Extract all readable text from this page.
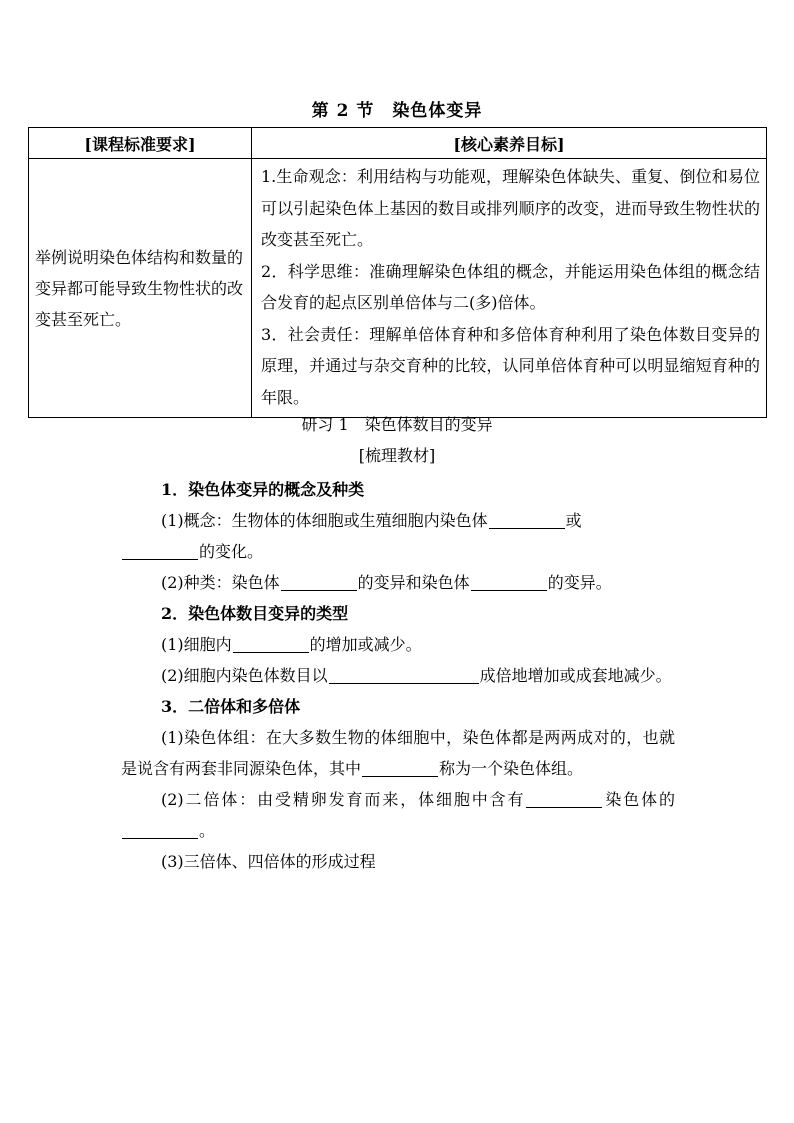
第 2 节　染色体变异
[课程标准要求]	[核心素养目标]
举例说明染色体结构和数量的变异都可能导致生物性状的改变甚至死亡。	1.生命观念：利用结构与功能观，理解染色体缺失、重复、倒位和易位可以引起染色体上基因的数目或排列顺序的改变，进而导致生物性状的改变甚至死亡。

2．科学思维：准确理解染色体组的概念，并能运用染色体组的概念结合发育的起点区别单倍体与二(多)倍体。

3．社会责任：理解单倍体育种和多倍体育种利用了染色体数目变异的原理，并通过与杂交育种的比较，认同单倍体育种可以明显缩短育种的年限。

研习 1　染色体数目的变异
[梳理教材]

1．染色体变异的概念及种类

(1)概念：生物体的体细胞或生殖细胞内染色体	或
的变化。

(2)种类：染色体	的变异和染色体	的变异。

2．染色体数目变异的类型

(1)细胞内	的增加或减少。

(2)细胞内染色体数目以	成倍地增加或成套地减少。

3．二倍体和多倍体

(1)染色体组：在大多数生物的体细胞中，染色体都是两两成对的，也就是说含有两套非同源染色体，其中	称为一个染色体组。

(2)二倍体：由受精卵发育而来，体细胞中含有	染色体的。

(3)三倍体、四倍体的形成过程
